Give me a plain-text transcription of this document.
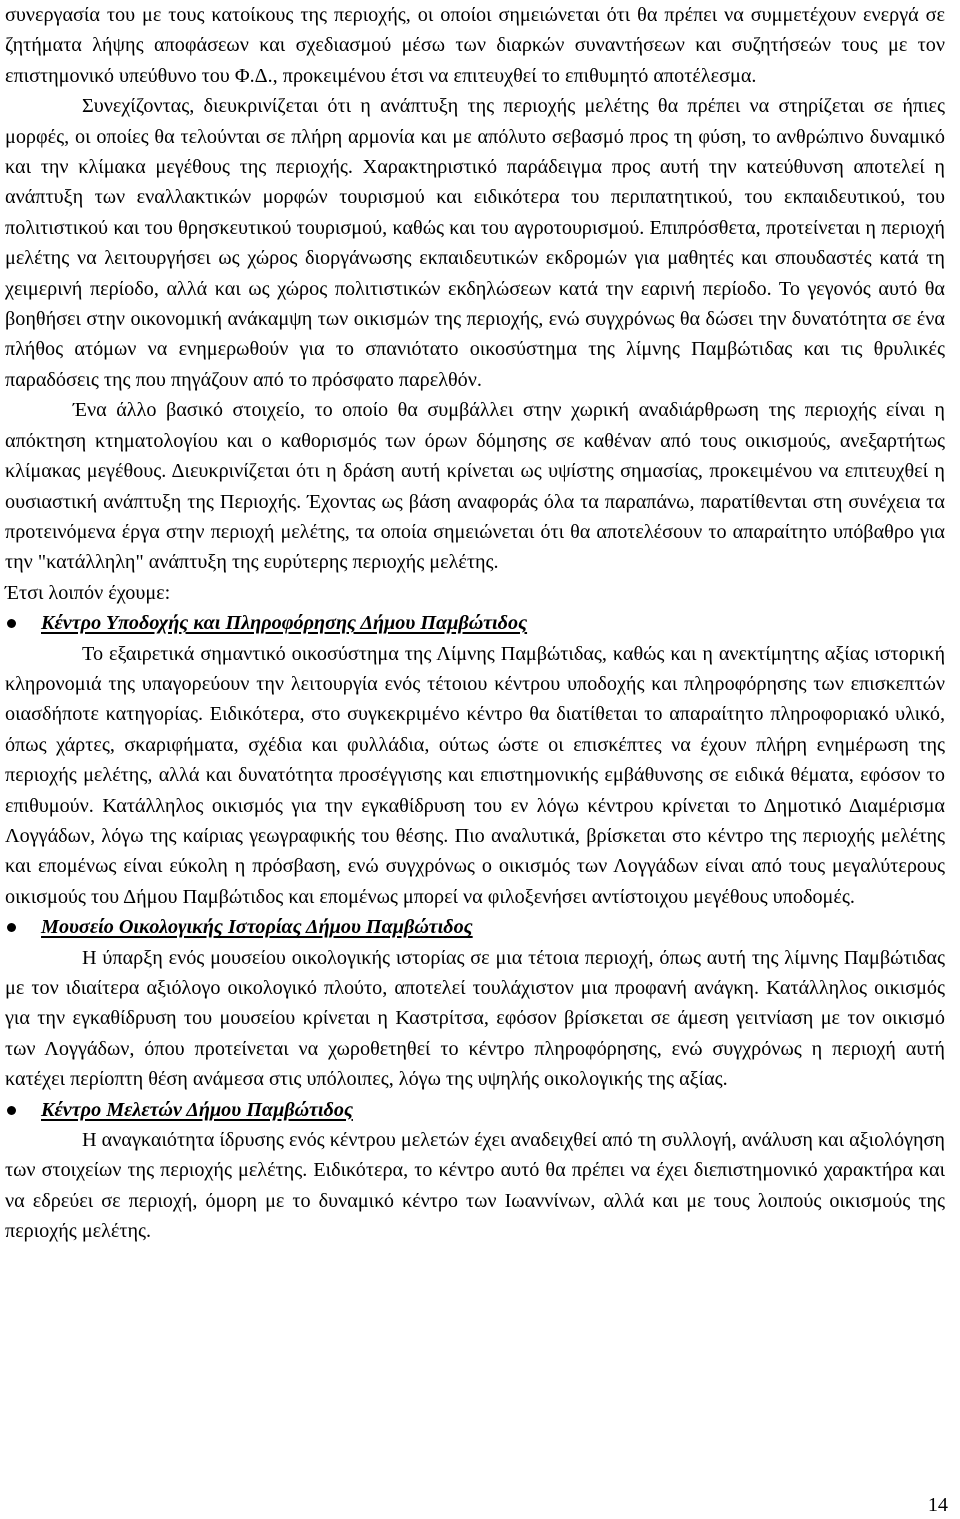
συνεργασία του με τους κατοίκους της περιοχής, οι οποίοι σημειώνεται ότι θα πρέπει να συμμετέχουν ενεργά σε ζητήματα λήψης αποφάσεων και σχεδιασμού μέσω των διαρκών συναντήσεων και συζητήσεών τους με τον επιστημονικό υπεύθυνο του Φ.Δ., προκειμένου έτσι να επιτευχθεί το επιθυμητό αποτέλεσμα.

Συνεχίζοντας, διευκρινίζεται ότι η ανάπτυξη της περιοχής μελέτης θα πρέπει να στηρίζεται σε ήπιες μορφές, οι οποίες θα τελούνται σε πλήρη αρμονία και με απόλυτο σεβασμό προς τη φύση, το ανθρώπινο δυναμικό και την κλίμακα μεγέθους της περιοχής. Χαρακτηριστικό παράδειγμα προς αυτή την κατεύθυνση αποτελεί η ανάπτυξη των εναλλακτικών μορφών τουρισμού και ειδικότερα του περιπατητικού, του εκπαιδευτικού, του πολιτιστικού και του θρησκευτικού τουρισμού, καθώς και του αγροτουρισμού. Επιπρόσθετα, προτείνεται η περιοχή μελέτης να λειτουργήσει ως χώρος διοργάνωσης εκπαιδευτικών εκδρομών για μαθητές και σπουδαστές κατά τη χειμερινή περίοδο, αλλά και ως χώρος πολιτιστικών εκδηλώσεων κατά την εαρινή περίοδο. Το γεγονός αυτό θα βοηθήσει στην οικονομική ανάκαμψη των οικισμών της περιοχής, ενώ συγχρόνως θα δώσει την δυνατότητα σε ένα πλήθος ατόμων να ενημερωθούν για το σπανιότατο οικοσύστημα της λίμνης Παμβώτιδας και τις θρυλικές παραδόσεις της που πηγάζουν από το πρόσφατο παρελθόν.

Ένα άλλο βασικό στοιχείο, το οποίο θα συμβάλλει στην χωρική αναδιάρθρωση της περιοχής είναι η απόκτηση κτηματολογίου και ο καθορισμός των όρων δόμησης σε καθέναν από τους οικισμούς, ανεξαρτήτως κλίμακας μεγέθους. Διευκρινίζεται ότι η δράση αυτή κρίνεται ως υψίστης σημασίας, προκειμένου να επιτευχθεί η ουσιαστική ανάπτυξη της Περιοχής. Έχοντας ως βάση αναφοράς όλα τα παραπάνω, παρατίθενται στη συνέχεια τα προτεινόμενα έργα στην περιοχή μελέτης, τα οποία σημειώνεται ότι θα αποτελέσουν το απαραίτητο υπόβαθρο για την "κατάλληλη" ανάπτυξη της ευρύτερης περιοχής μελέτης.

Έτσι λοιπόν έχουμε:

Κέντρο Υποδοχής και Πληροφόρησης Δήμου Παμβώτιδος

Το εξαιρετικά σημαντικό οικοσύστημα της Λίμνης Παμβώτιδας, καθώς και η ανεκτίμητης αξίας ιστορική κληρονομιά της υπαγορεύουν την λειτουργία ενός τέτοιου κέντρου υποδοχής και πληροφόρησης των επισκεπτών οιασδήποτε κατηγορίας. Ειδικότερα, στο συγκεκριμένο κέντρο θα διατίθεται το απαραίτητο πληροφοριακό υλικό, όπως χάρτες, σκαριφήματα, σχέδια και φυλλάδια, ούτως ώστε οι επισκέπτες να έχουν πλήρη ενημέρωση της περιοχής μελέτης, αλλά και δυνατότητα προσέγγισης και επιστημονικής εμβάθυνσης σε ειδικά θέματα, εφόσον το επιθυμούν. Κατάλληλος οικισμός για την εγκαθίδρυση του εν λόγω κέντρου κρίνεται το Δημοτικό Διαμέρισμα Λογγάδων, λόγω της καίριας γεωγραφικής του θέσης. Πιο αναλυτικά, βρίσκεται στο κέντρο της περιοχής μελέτης και επομένως είναι εύκολη η πρόσβαση, ενώ συγχρόνως ο οικισμός των Λογγάδων είναι από τους μεγαλύτερους οικισμούς του Δήμου Παμβώτιδος και επομένως μπορεί να φιλοξενήσει αντίστοιχου μεγέθους υποδομές.

Μουσείο Οικολογικής Ιστορίας Δήμου Παμβώτιδος

Η ύπαρξη ενός μουσείου οικολογικής ιστορίας σε μια τέτοια περιοχή, όπως αυτή της λίμνης Παμβώτιδας με τον ιδιαίτερα αξιόλογο οικολογικό πλούτο, αποτελεί τουλάχιστον μια προφανή ανάγκη. Κατάλληλος οικισμός για την εγκαθίδρυση του μουσείου κρίνεται η Καστρίτσα, εφόσον βρίσκεται σε άμεση γειτνίαση με τον οικισμό των Λογγάδων, όπου προτείνεται να χωροθετηθεί το κέντρο πληροφόρησης, ενώ συγχρόνως η περιοχή αυτή κατέχει περίοπτη θέση ανάμεσα στις υπόλοιπες, λόγω της υψηλής οικολογικής της αξίας.

Κέντρο Μελετών Δήμου Παμβώτιδος

Η αναγκαιότητα ίδρυσης ενός κέντρου μελετών έχει αναδειχθεί από τη συλλογή, ανάλυση και αξιολόγηση των στοιχείων της περιοχής μελέτης. Ειδικότερα, το κέντρο αυτό θα πρέπει να έχει διεπιστημονικό χαρακτήρα και να εδρεύει σε περιοχή, όμορη με το δυναμικό κέντρο των Ιωαννίνων, αλλά και με τους λοιπούς οικισμούς της περιοχής μελέτης.

14
